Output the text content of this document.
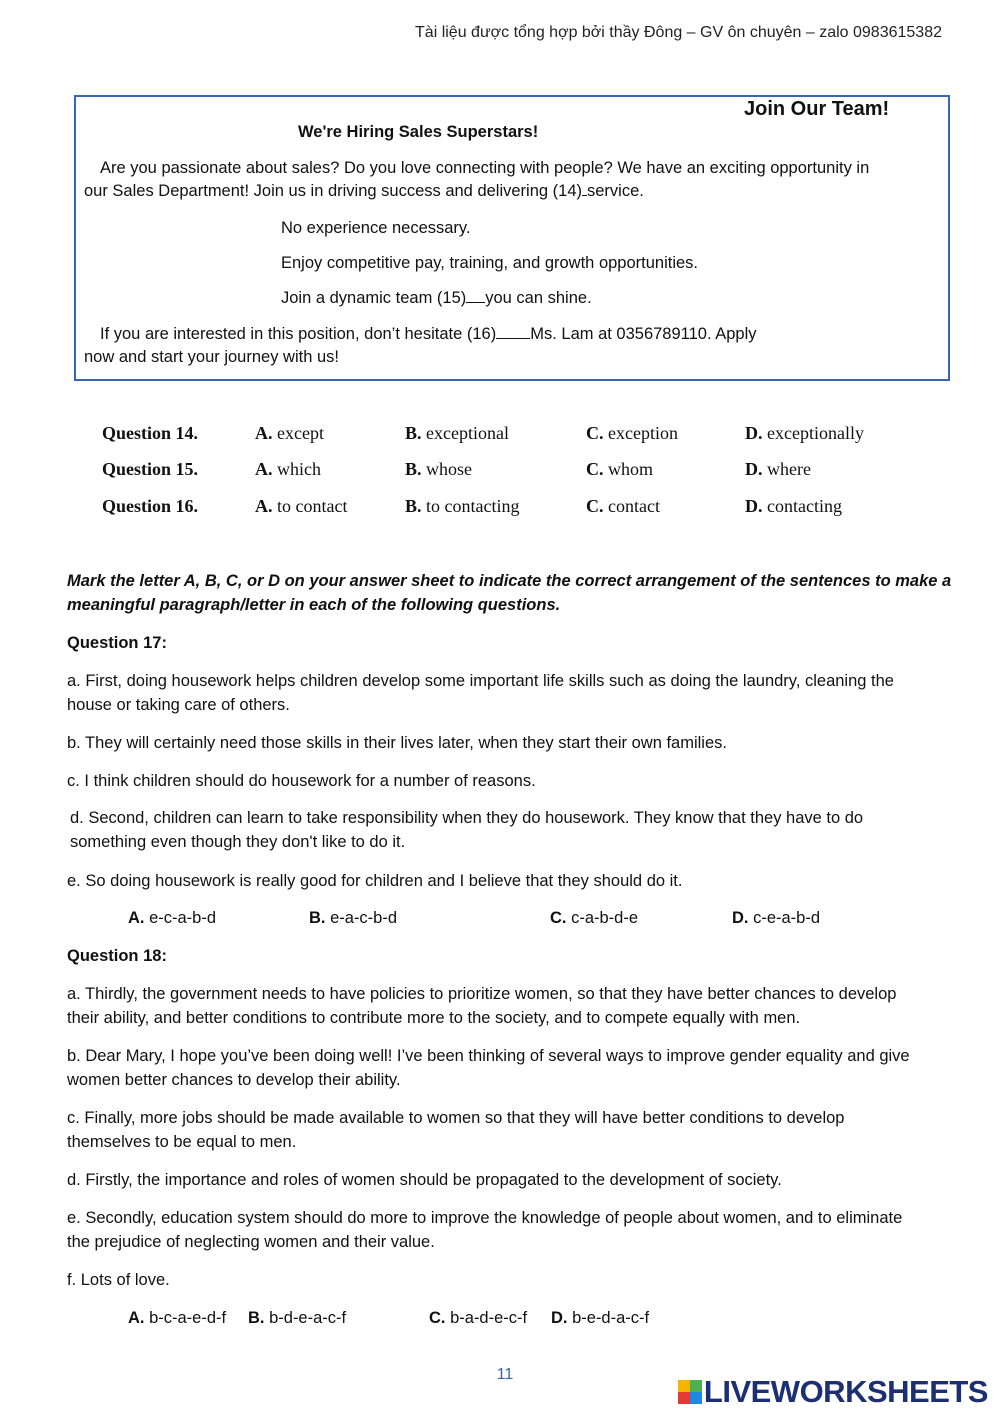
Tài liệu được tổng hợp bởi thầy Đông – GV ôn chuyên – zalo 0983615382
Join Our Team!
We're Hiring Sales Superstars!
Are you passionate about sales? Do you love connecting with people? We have an exciting opportunity in
our Sales Department! Join us in driving success and delivering (14) service.
No experience necessary.
Enjoy competitive pay, training, and growth opportunities.
Join a dynamic team (15) you can shine.
If you are interested in this position, don’t hesitate (16) Ms. Lam at 0356789110. Apply
now and start your journey with us!
Question 14.	A. except	B. exceptional	C. exception	D. exceptionally
Question 15.	A. which	B. whose	C. whom	D. where
Question 16.	A. to contact	B. to contacting	C. contact	D. contacting
Mark the letter A, B, C, or D on your answer sheet to indicate the correct arrangement of the sentences to make a
meaningful paragraph/letter in each of the following questions.
Question 17:
a. First, doing housework helps children develop some important life skills such as doing the laundry, cleaning the
house or taking care of others.
b. They will certainly need those skills in their lives later, when they start their own families.
c. I think children should do housework for a number of reasons.
d. Second, children can learn to take responsibility when they do housework. They know that they have to do
something even though they don't like to do it.
e. So doing housework is really good for children and I believe that they should do it.
A. e-c-a-b-d	B. e-a-c-b-d	C. c-a-b-d-e	D. c-e-a-b-d
Question 18:
a. Thirdly, the government needs to have policies to prioritize women, so that they have better chances to develop
their ability, and better conditions to contribute more to the society, and to compete equally with men.
b. Dear Mary, I hope you’ve been doing well! I’ve been thinking of several ways to improve gender equality and give
women better chances to develop their ability.
c. Finally, more jobs should be made available to women so that they will have better conditions to develop
themselves to be equal to men.
d. Firstly, the importance and roles of women should be propagated to the development of society.
e. Secondly, education system should do more to improve the knowledge of people about women, and to eliminate
the prejudice of neglecting women and their value.
f. Lots of love.
A. b-c-a-e-d-f B. b-d-e-a-c-f	C. b-a-d-e-c-f D. b-e-d-a-c-f
11	LIVEWORKSHEETS
